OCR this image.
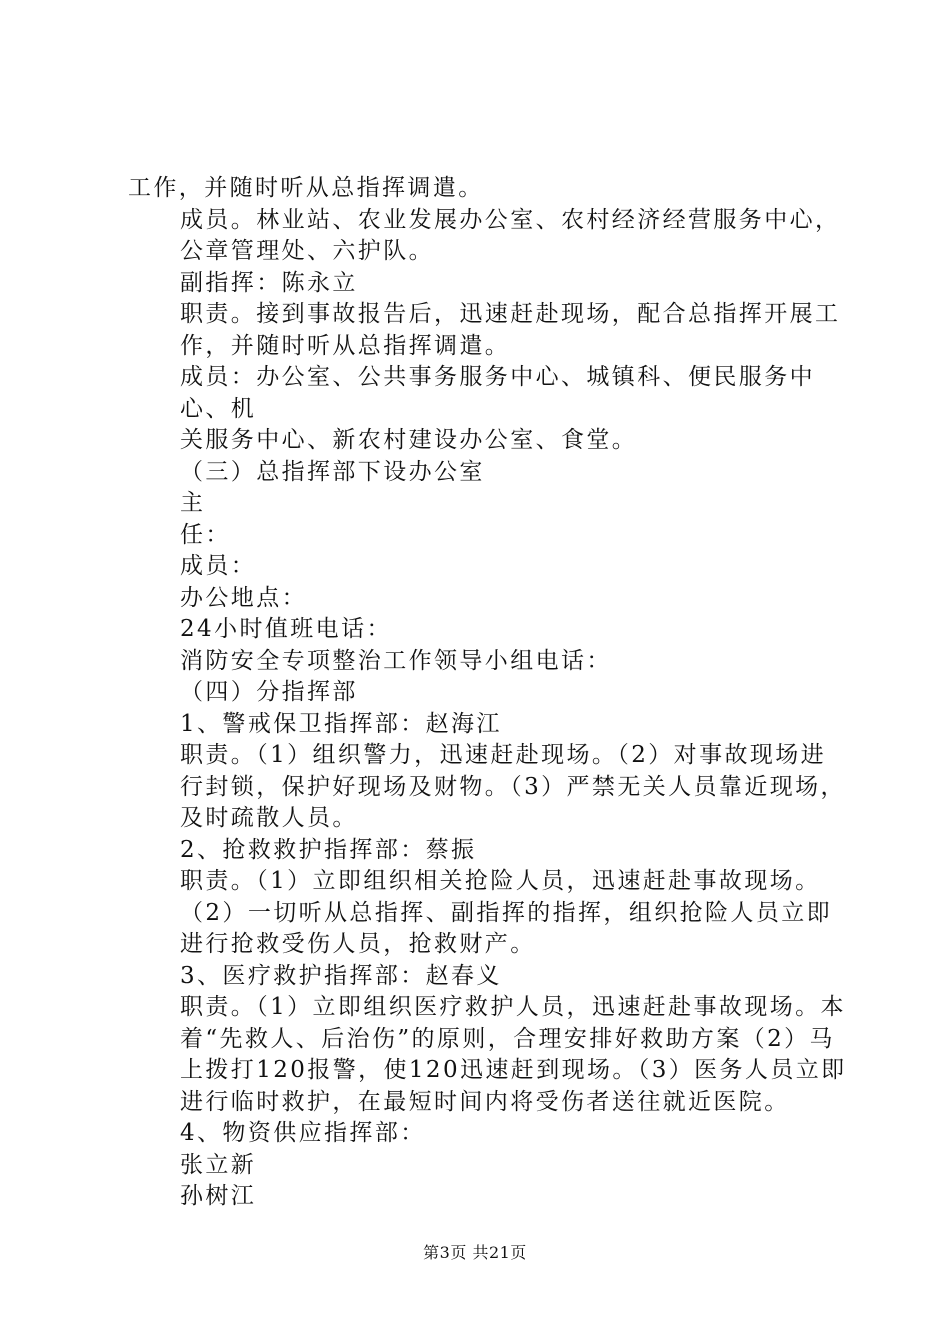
工作，并随时听从总指挥调遣。

成员。林业站、农业发展办公室、农村经济经营服务中心，公章管理处、六护队。

副指挥：陈永立

职责。接到事故报告后，迅速赶赴现场，配合总指挥开展工作，并随时听从总指挥调遣。

成员：办公室、公共事务服务中心、城镇科、便民服务中心、机

关服务中心、新农村建设办公室、食堂。

（三）总指挥部下设办公室

主

任：

成员：

办公地点：

24小时值班电话：

消防安全专项整治工作领导小组电话：

（四）分指挥部

1、警戒保卫指挥部：赵海江

职责。（1）组织警力，迅速赶赴现场。（2）对事故现场进行封锁，保护好现场及财物。（3）严禁无关人员靠近现场，及时疏散人员。

2、抢救救护指挥部：蔡振

职责。（1）立即组织相关抢险人员，迅速赶赴事故现场。（2）一切听从总指挥、副指挥的指挥，组织抢险人员立即进行抢救受伤人员，抢救财产。

3、医疗救护指挥部：赵春义

职责。（1）立即组织医疗救护人员，迅速赶赴事故现场。本着“先救人、后治伤”的原则，合理安排好救助方案（2）马上拨打120报警，使120迅速赶到现场。（3）医务人员立即进行临时救护，在最短时间内将受伤者送往就近医院。

4、物资供应指挥部：

张立新

孙树江

第3页 共21页
